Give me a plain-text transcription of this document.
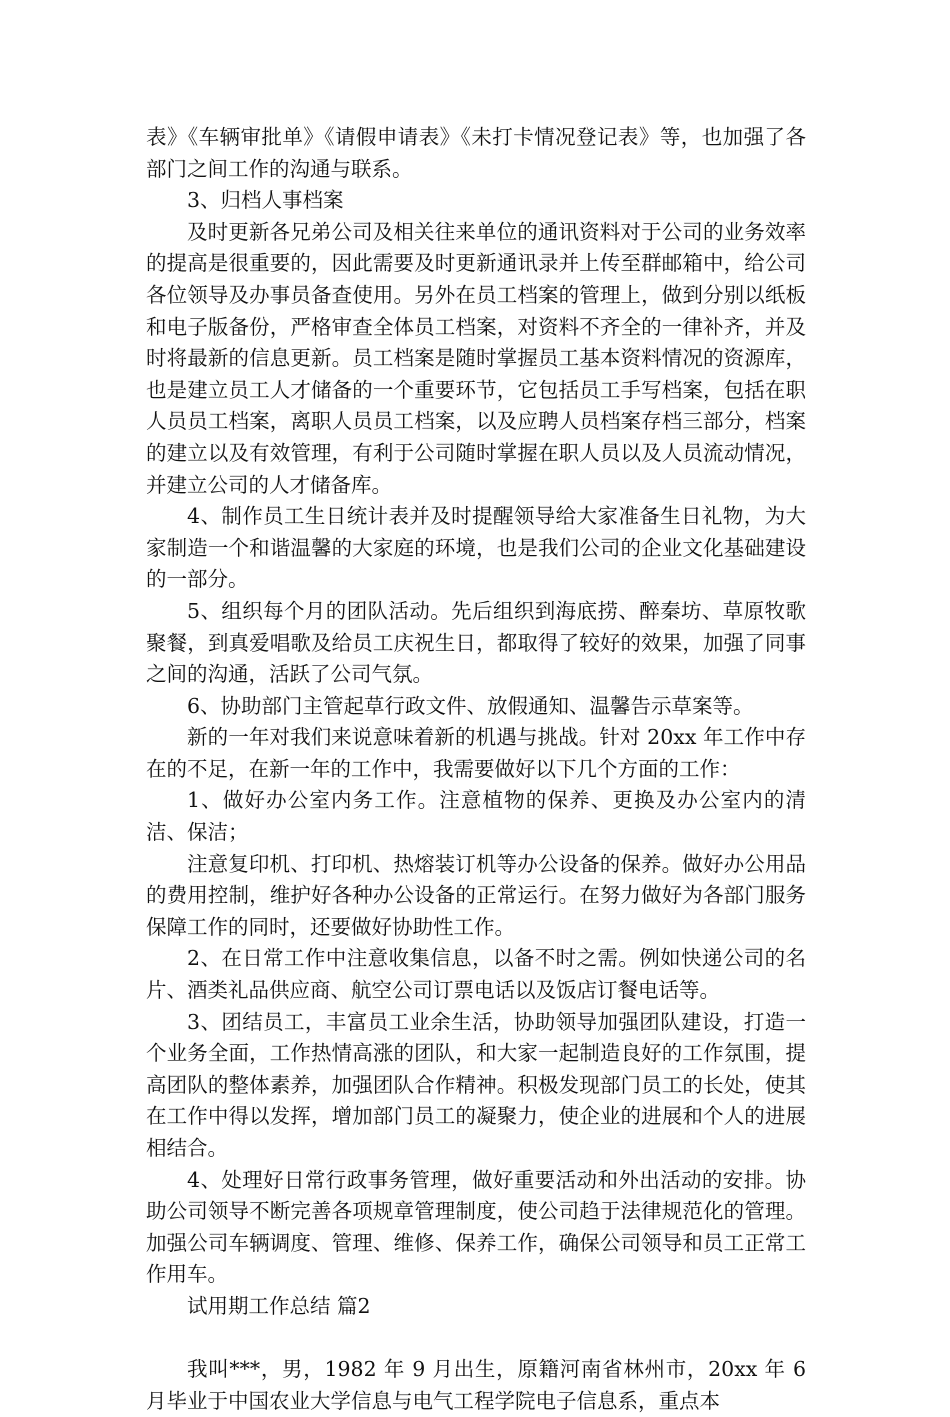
表》《车辆审批单》《请假申请表》《未打卡情况登记表》等，也加强了各部门之间工作的沟通与联系。

3、归档人事档案

及时更新各兄弟公司及相关往来单位的通讯资料对于公司的业务效率的提高是很重要的，因此需要及时更新通讯录并上传至群邮箱中，给公司各位领导及办事员备查使用。另外在员工档案的管理上，做到分别以纸板和电子版备份，严格审查全体员工档案，对资料不齐全的一律补齐，并及时将最新的信息更新。员工档案是随时掌握员工基本资料情况的资源库，也是建立员工人才储备的一个重要环节，它包括员工手写档案，包括在职人员员工档案，离职人员员工档案，以及应聘人员档案存档三部分，档案的建立以及有效管理，有利于公司随时掌握在职人员以及人员流动情况，并建立公司的人才储备库。

4、制作员工生日统计表并及时提醒领导给大家准备生日礼物，为大家制造一个和谐温馨的大家庭的环境，也是我们公司的企业文化基础建设的一部分。

5、组织每个月的团队活动。先后组织到海底捞、醉秦坊、草原牧歌聚餐，到真爱唱歌及给员工庆祝生日，都取得了较好的效果，加强了同事之间的沟通，活跃了公司气氛。

6、协助部门主管起草行政文件、放假通知、温馨告示草案等。

新的一年对我们来说意味着新的机遇与挑战。针对 20xx 年工作中存在的不足，在新一年的工作中，我需要做好以下几个方面的工作：

1、做好办公室内务工作。注意植物的保养、更换及办公室内的清洁、保洁；

注意复印机、打印机、热熔装订机等办公设备的保养。做好办公用品的费用控制，维护好各种办公设备的正常运行。在努力做好为各部门服务保障工作的同时，还要做好协助性工作。

2、在日常工作中注意收集信息，以备不时之需。例如快递公司的名片、酒类礼品供应商、航空公司订票电话以及饭店订餐电话等。

3、团结员工，丰富员工业余生活，协助领导加强团队建设，打造一个业务全面，工作热情高涨的团队，和大家一起制造良好的工作氛围，提高团队的整体素养，加强团队合作精神。积极发现部门员工的长处，使其在工作中得以发挥，增加部门员工的凝聚力，使企业的进展和个人的进展相结合。

4、处理好日常行政事务管理，做好重要活动和外出活动的安排。协助公司领导不断完善各项规章管理制度，使公司趋于法律规范化的管理。加强公司车辆调度、管理、维修、保养工作，确保公司领导和员工正常工作用车。

试用期工作总结 篇2

我叫***，男，1982 年 9 月出生，原籍河南省林州市，20xx 年 6 月毕业于中国农业大学信息与电气工程学院电子信息系，重点本
